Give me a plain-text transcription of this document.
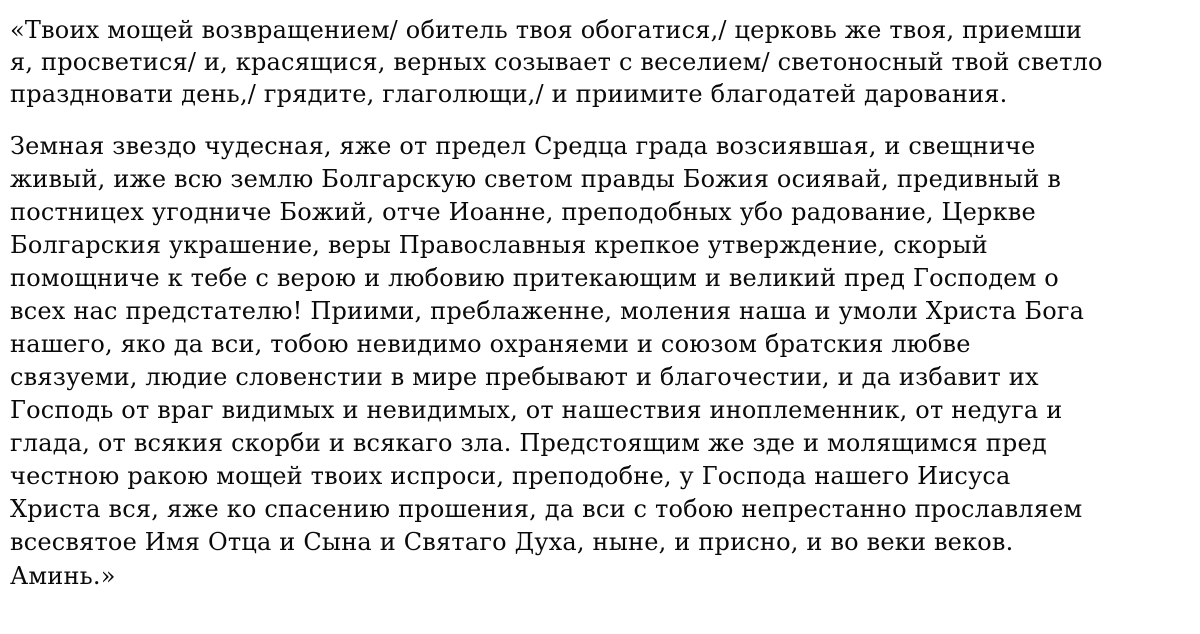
«Твоих мощей возвращением/ обитель твоя обогатися,/ церковь же твоя, приемши
я, просветися/ и, красящися, верных созывает с веселием/ светоносный твой светло
праздновати день,/ грядите, глаголющи,/ и приимите благодатей дарования.
Земная звездо чудесная, яже от предел Средца града возсиявшая, и свещниче
живый, иже всю землю Болгарскую светом правды Божия осиявай, предивный в
постницех угодниче Божий, отче Иоанне, преподобных убо радование, Церкве
Болгарския украшение, веры Православныя крепкое утверждение, скорый
помощниче к тебе с верою и любовию притекающим и великий пред Господем о
всех нас предстателю! Приими, преблаженне, моления наша и умоли Христа Бога
нашего, яко да вси, тобою невидимо охраняеми и союзом братския любве
связуеми, людие словенстии в мире пребывают и благочестии, и да избавит их
Господь от враг видимых и невидимых, от нашествия иноплеменник, от недуга и
глада, от всякия скорби и всякаго зла. Предстоящим же зде и молящимся пред
честною ракою мощей твоих испроси, преподобне, у Господа нашего Иисуса
Христа вся, яже ко спасению прошения, да вси с тобою непрестанно прославляем
всесвятое Имя Отца и Сына и Святаго Духа, ныне, и присно, и во веки веков.
Аминь.»
